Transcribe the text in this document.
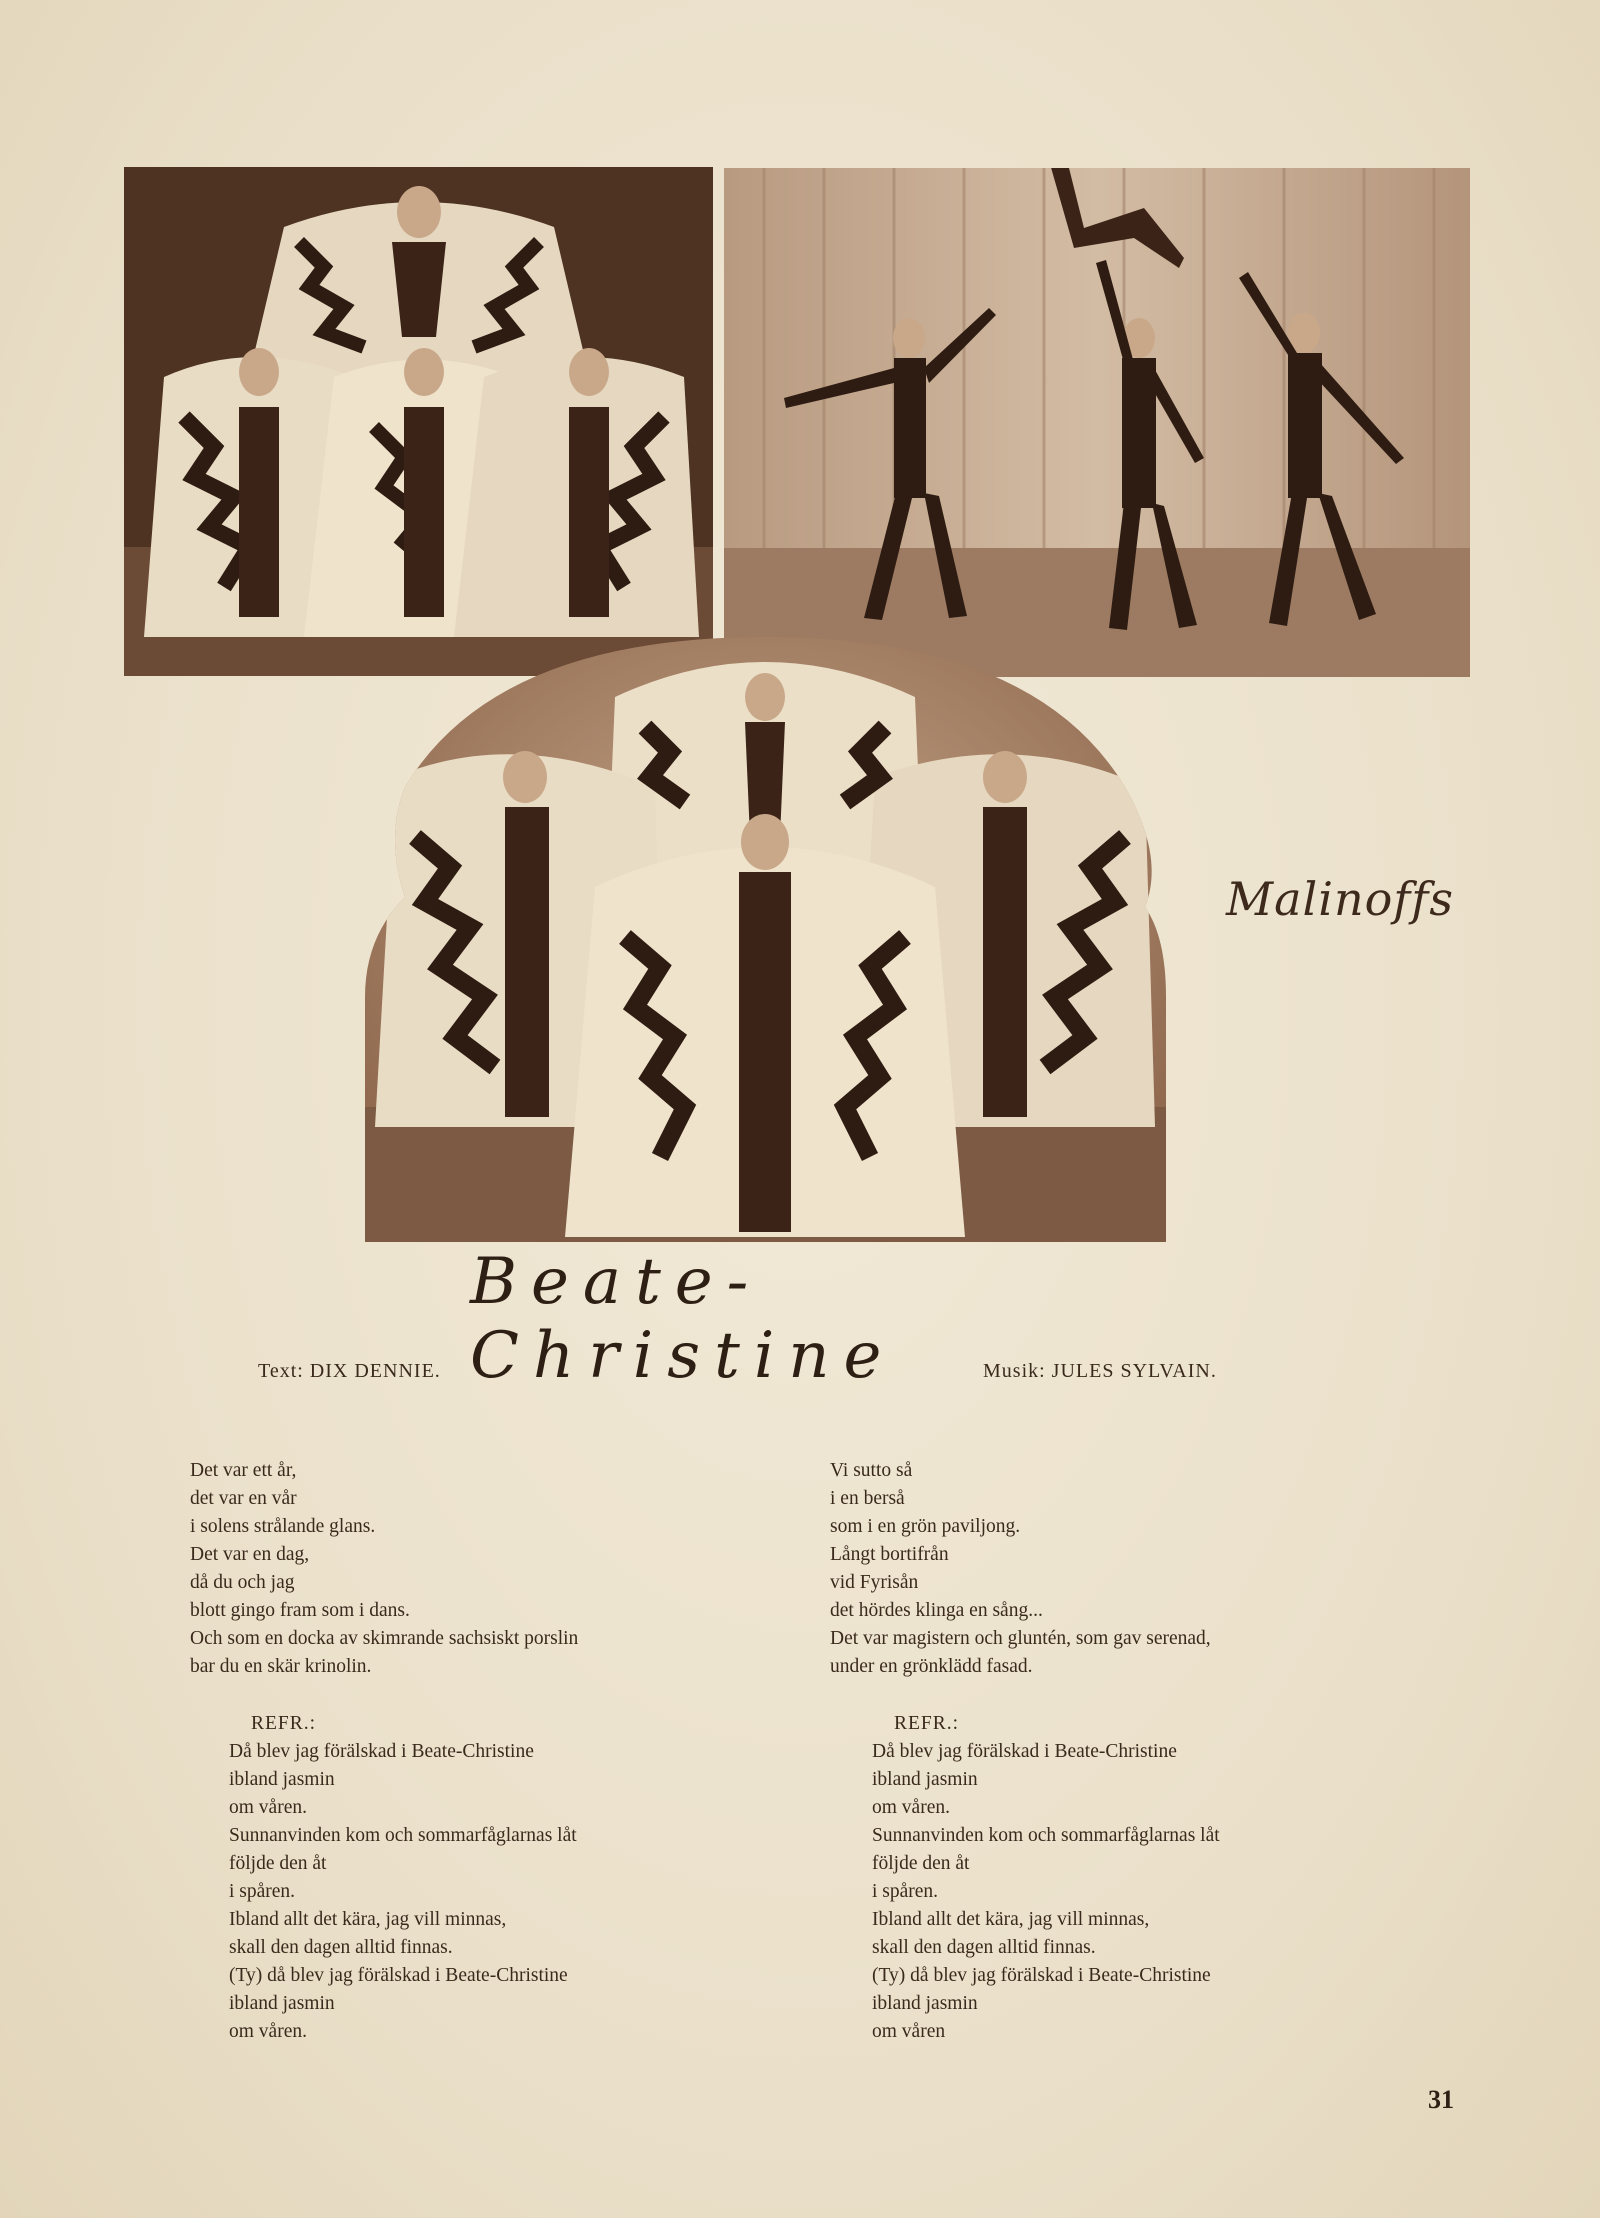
Malinoffs
Beate-Christine
Text: DIX DENNIE.	Musik: JULES SYLVAIN.
Det var ett år,
det var en vår
i solens strålande glans.
Det var en dag,
då du och jag
blott gingo fram som i dans.
Och som en docka av skimrande sachsiskt porslin
bar du en skär krinolin.
Vi sutto så
i en berså
som i en grön paviljong.
Långt bortifrån
vid Fyrisån
det hördes klinga en sång...
Det var magistern och gluntén, som gav serenad,
under en grönklädd fasad.
REFR.:
Då blev jag förälskad i Beate-Christine
ibland jasmin
om våren.
Sunnanvinden kom och sommarfåglarnas låt
följde den åt
i spåren.
Ibland allt det kära, jag vill minnas,
skall den dagen alltid finnas.
(Ty) då blev jag förälskad i Beate-Christine
ibland jasmin
om våren.
REFR.:
Då blev jag förälskad i Beate-Christine
ibland jasmin
om våren.
Sunnanvinden kom och sommarfåglarnas låt
följde den åt
i spåren.
Ibland allt det kära, jag vill minnas,
skall den dagen alltid finnas.
(Ty) då blev jag förälskad i Beate-Christine
ibland jasmin
om våren
31
